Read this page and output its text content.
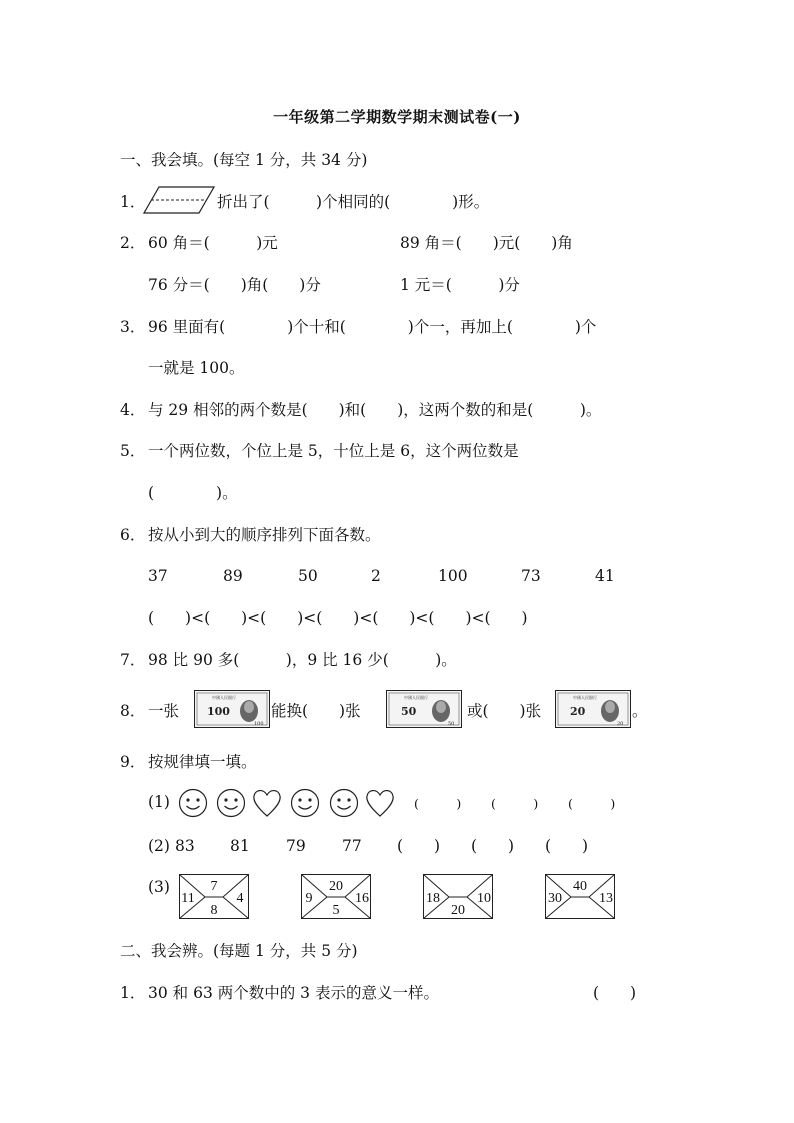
一年级第二学期数学期末测试卷(一)
一、我会填。(每空 1 分，共 34 分)
1．	折出了(　　　)个相同的(　　　　)形。
2． 60 角＝(　　　)元	89 角＝(　　)元(　　)角
76 分＝(　　)角(　　)分	1 元＝(　　　)分
3． 96 里面有(　　　　)个十和(　　　　)个一，再加上(　　　　)个
一就是 100。
4． 与 29 相邻的两个数是(　　)和(　　)，这两个数的和是(　　　)。
5． 一个两位数，个位上是 5，十位上是 6，这个两位数是
(　　　　)。
6． 按从小到大的顺序排列下面各数。
37	89	50	2	100	73	41
(　　)<(　　)<(　　)<(　　)<(　　)<(　　)<(　　)
7． 98 比 90 多(　　　)，9 比 16 少(　　　)。
8． 一张
中國人民銀行
100
100
能换(　　)张
中國人民銀行
50
50
或(　　)张
中國人民銀行
20
20
。
9． 按规律填一填。
(1)	(　　　) (　　　) (　　　)
(2) 83 81 79 77 (　　) (　　) (　　)
(3)	7
11	4
8
20
9	16
5
18	10
20
40
30	13
二、我会辨。(每题 1 分，共 5 分)
1． 30 和 63 两个数中的 3 表示的意义一样。	(　　)
